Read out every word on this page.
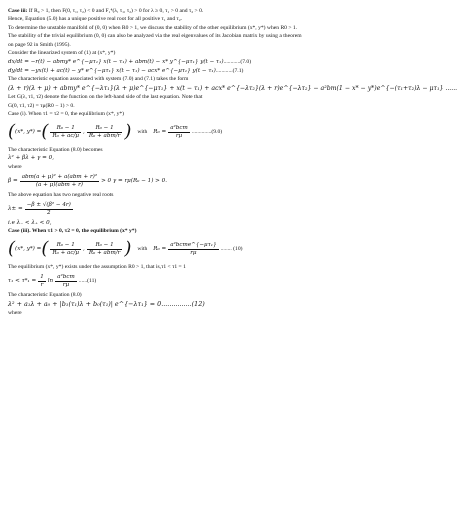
Case iii: If R₀ > 1, then F(0, τ₁, τ₂) < 0 and F₁⁴(λ, τ₁, τ₂) > 0 for λ ≥ 0, τ₁ > 0 and τ₂ > 0.
Hence, Equation (5.0) has a unique positive real root for all positive τ₁ and τ₂.
To determine the unstable manifold of (0, 0) when R0 > 1, we discuss the stability of the other equilibrium (x*, y*) when R0 > 1.
The stability of the trivial equilibrium (0, 0) can also be analyzed via the real eigenvalues of its Jacobian matrix by using a theorem
on page 92 in Smith (1995).
Consider the linearized system of (1) at (x*, y*)
dx/dt = −r(t) − abmy* e^{−μτ₁} x(t − τ₁) + abm(t) − x* y^{−μτ₁} y(t − τ₁)............(7.0)
dy/dt = −yx(t) + ac(t) − y* e^{−μτ₁} x(t − τ₁) − acx* e^{−μτ₁} y(t − τ₁)............(7.1)
The characteristic equation associated with system (7.0) and (7.1) takes the form
(λ + r)(λ + μ) + abmy* e^{−λτ₁}(λ + μ)e^{−μτ₁} + x(t − τ₁) + acx* e^{−λτ₂}(λ + r)e^{−λτ₂} − a²bm(1 − x* − y*)e^{−(τ₁+τ₂)λ − μτ₁} ......
Let G(λ, τ1, τ2) denote the function on the left-hand side of the last equation. Note that
G(0, τ1, τ2) = τμ(R0 − 1) > 0.
Case (i). When τ1 = τ2 = 0, the equilibrium (x*, y*)
( (x*, y*) = ( $\frac{\text{R₀ − 1}}{\text{R₀ + ac/μ}}$ , $\frac{\text{R₀ − 1}}{\text{R₀ + abm/r}}$ ) with $R_0 = \frac{\text{a²bcm}}{r\mu} ..............(9.0)$
The characteristic Equation (8.0) becomes
λ² + βλ + γ = 0,
where
$\beta = \frac{\text{abm(a + μ)² + a(abm + r)²}}{\text{(a + μ)(abm + r)}} > 0$ γ = rμ(R₀ − 1) > 0.
The above equation has two negative real roots
$\lambda\pm = \frac{\text{−β ± √(β² − 4r)}}{2}$
i.e λ₋ < λ₊ < 0,
Case (iii). When τ1 > 0, τ2 = 0, the equilibrium (x* y*)
( (x*, y*) = ( $\frac{\text{R₀ − 1}}{\text{R₀ + ac/μ}}$ , $\frac{\text{R₀ − 1}}{\text{R₀ + abm/r}}$ ) with $R_0 = \frac{\text{a²bcme\textasciicircum{}\{−μτ₁\}}}{r\mu}$ ........ (10)
The equilibrium (x*, y*) exists under the assumption R0 > 1, that is,τ1 < τ1 = 1
$\tau_1 < \tau*_1 = \frac{1}{r}$ $\ln \frac{\text{a²bcm}}{r\mu} ......(11)$
The characteristic Equation (8.0)
λ² + a₁λ + a₀ + |b₁(τ₁)λ + b₀(τ₁)| e^{−λτ₁} = 0...............(12)
where
